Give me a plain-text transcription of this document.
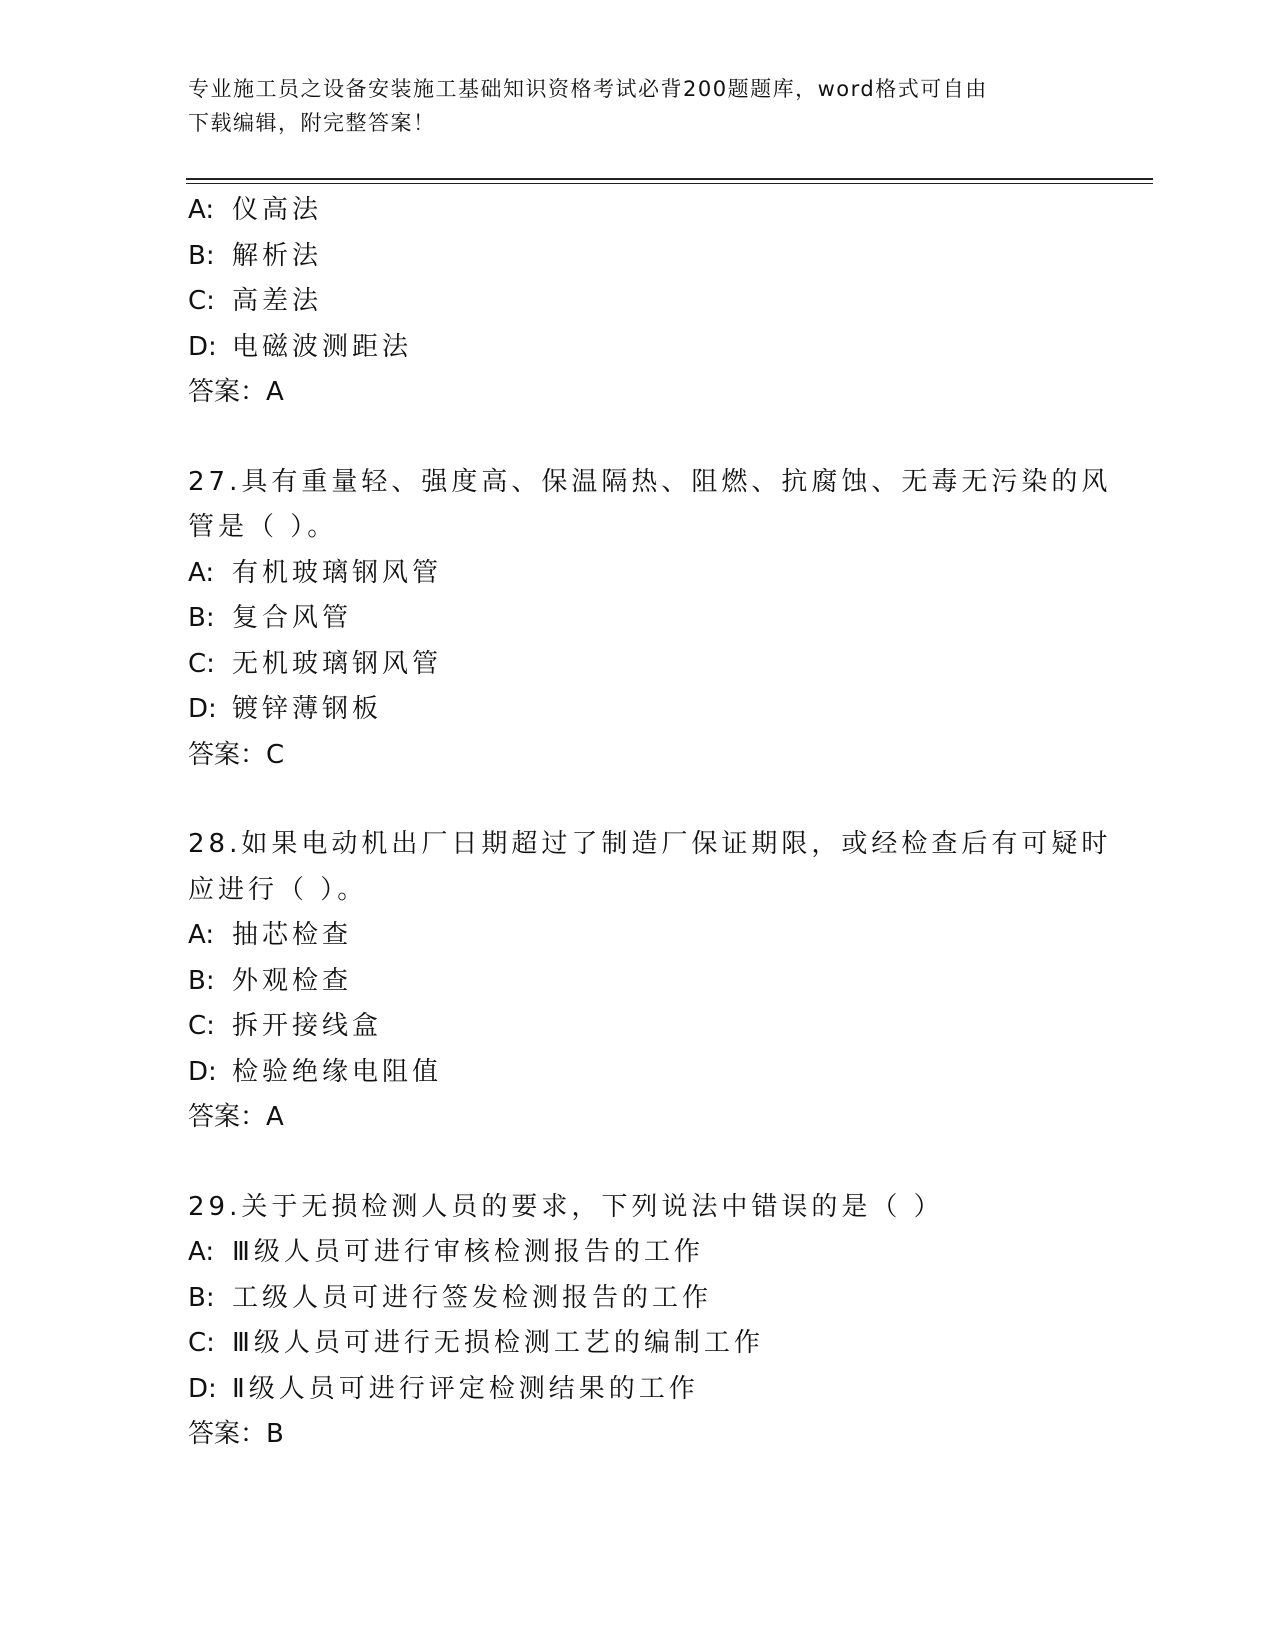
专业施工员之设备安装施工基础知识资格考试必背200题题库，word格式可自由
下载编辑，附完整答案！
A: 仪高法
B: 解析法
C: 高差法
D: 电磁波测距法
答案：A
27.具有重量轻、强度高、保温隔热、阻燃、抗腐蚀、无毒无污染的风
管是（ ）。
A: 有机玻璃钢风管
B: 复合风管
C: 无机玻璃钢风管
D: 镀锌薄钢板
答案：C
28.如果电动机出厂日期超过了制造厂保证期限，或经检查后有可疑时
应进行（ ）。
A: 抽芯检查
B: 外观检查
C: 拆开接线盒
D: 检验绝缘电阻值
答案：A
29.关于无损检测人员的要求，下列说法中错误的是（ ）
A: Ⅲ级人员可进行审核检测报告的工作
B: 工级人员可进行签发检测报告的工作
C: Ⅲ级人员可进行无损检测工艺的编制工作
D: Ⅱ级人员可进行评定检测结果的工作
答案：B
